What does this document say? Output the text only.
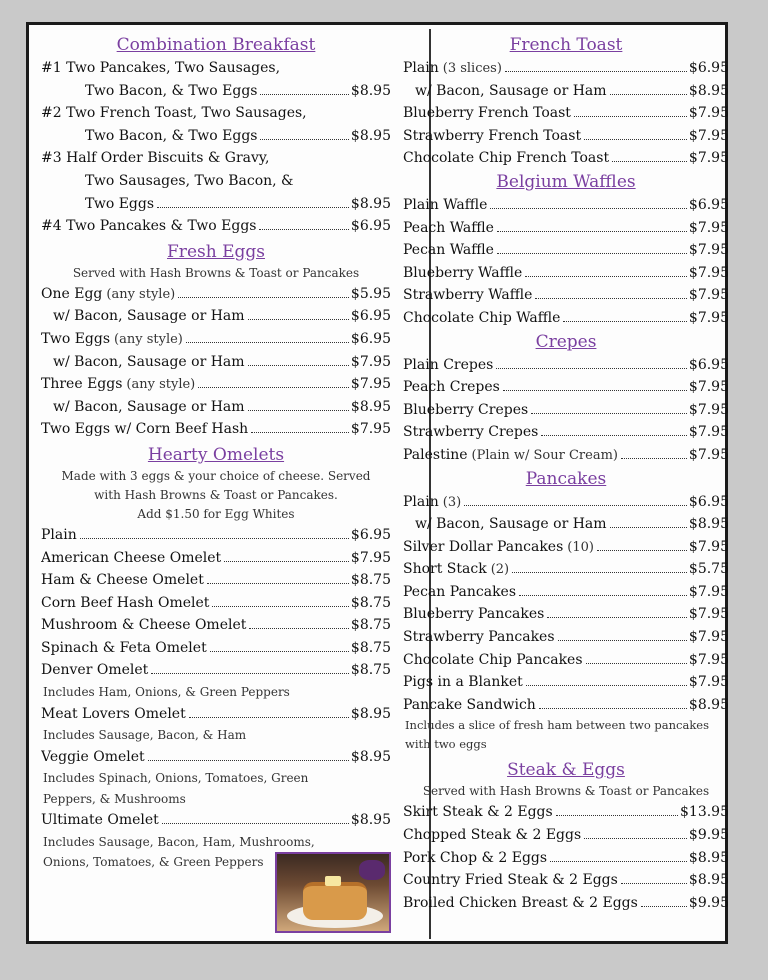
Combination Breakfast
#1 Two Pancakes, Two Sausages,
Two Bacon, & Two Eggs	$8.95
#2 Two French Toast, Two Sausages,
Two Bacon, & Two Eggs	$8.95
#3 Half Order Biscuits & Gravy,
Two Sausages, Two Bacon, &
Two Eggs	$8.95
#4 Two Pancakes & Two Eggs	$6.95
Fresh Eggs
Served with Hash Browns & Toast or Pancakes
One Egg (any style)	$5.95
w/ Bacon, Sausage or Ham	$6.95
Two Eggs (any style)	$6.95
w/ Bacon, Sausage or Ham	$7.95
Three Eggs (any style)	$7.95
w/ Bacon, Sausage or Ham	$8.95
Two Eggs w/ Corn Beef Hash	$7.95
Hearty Omelets
Made with 3 eggs & your choice of cheese. Served
with Hash Browns & Toast or Pancakes.
Add $1.50 for Egg Whites
Plain	$6.95
American Cheese Omelet	$7.95
Ham & Cheese Omelet	$8.75
Corn Beef Hash Omelet	$8.75
Mushroom & Cheese Omelet	$8.75
Spinach & Feta Omelet	$8.75
Denver Omelet	$8.75
Includes Ham, Onions, & Green Peppers
Meat Lovers Omelet	$8.95
Includes Sausage, Bacon, & Ham
Veggie Omelet	$8.95
Includes Spinach, Onions, Tomatoes, Green
Peppers, & Mushrooms
Ultimate Omelet	$8.95
Includes Sausage, Bacon, Ham, Mushrooms,
Onions, Tomatoes, & Green Peppers
French Toast
Plain (3 slices)	$6.95
w/ Bacon, Sausage or Ham	$8.95
Blueberry French Toast	$7.95
Strawberry French Toast	$7.95
Chocolate Chip French Toast	$7.95
Belgium Waffles
Plain Waffle	$6.95
Peach Waffle	$7.95
Pecan Waffle	$7.95
Blueberry Waffle	$7.95
Strawberry Waffle	$7.95
Chocolate Chip Waffle	$7.95
Crepes
Plain Crepes	$6.95
Peach Crepes	$7.95
Blueberry Crepes	$7.95
Strawberry Crepes	$7.95
Palestine (Plain w/ Sour Cream)	$7.95
Pancakes
Plain (3)	$6.95
w/ Bacon, Sausage or Ham	$8.95
Silver Dollar Pancakes (10)	$7.95
Short Stack (2)	$5.75
Pecan Pancakes	$7.95
Blueberry Pancakes	$7.95
Strawberry Pancakes	$7.95
Chocolate Chip Pancakes	$7.95
Pigs in a Blanket	$7.95
Pancake Sandwich	$8.95
Includes a slice of fresh ham between two pancakes
with two eggs
Steak & Eggs
Served with Hash Browns & Toast or Pancakes
Skirt Steak & 2 Eggs	$13.95
Chopped Steak & 2 Eggs	$9.95
Pork Chop & 2 Eggs	$8.95
Country Fried Steak & 2 Eggs	$8.95
Broiled Chicken Breast & 2 Eggs	$9.95
